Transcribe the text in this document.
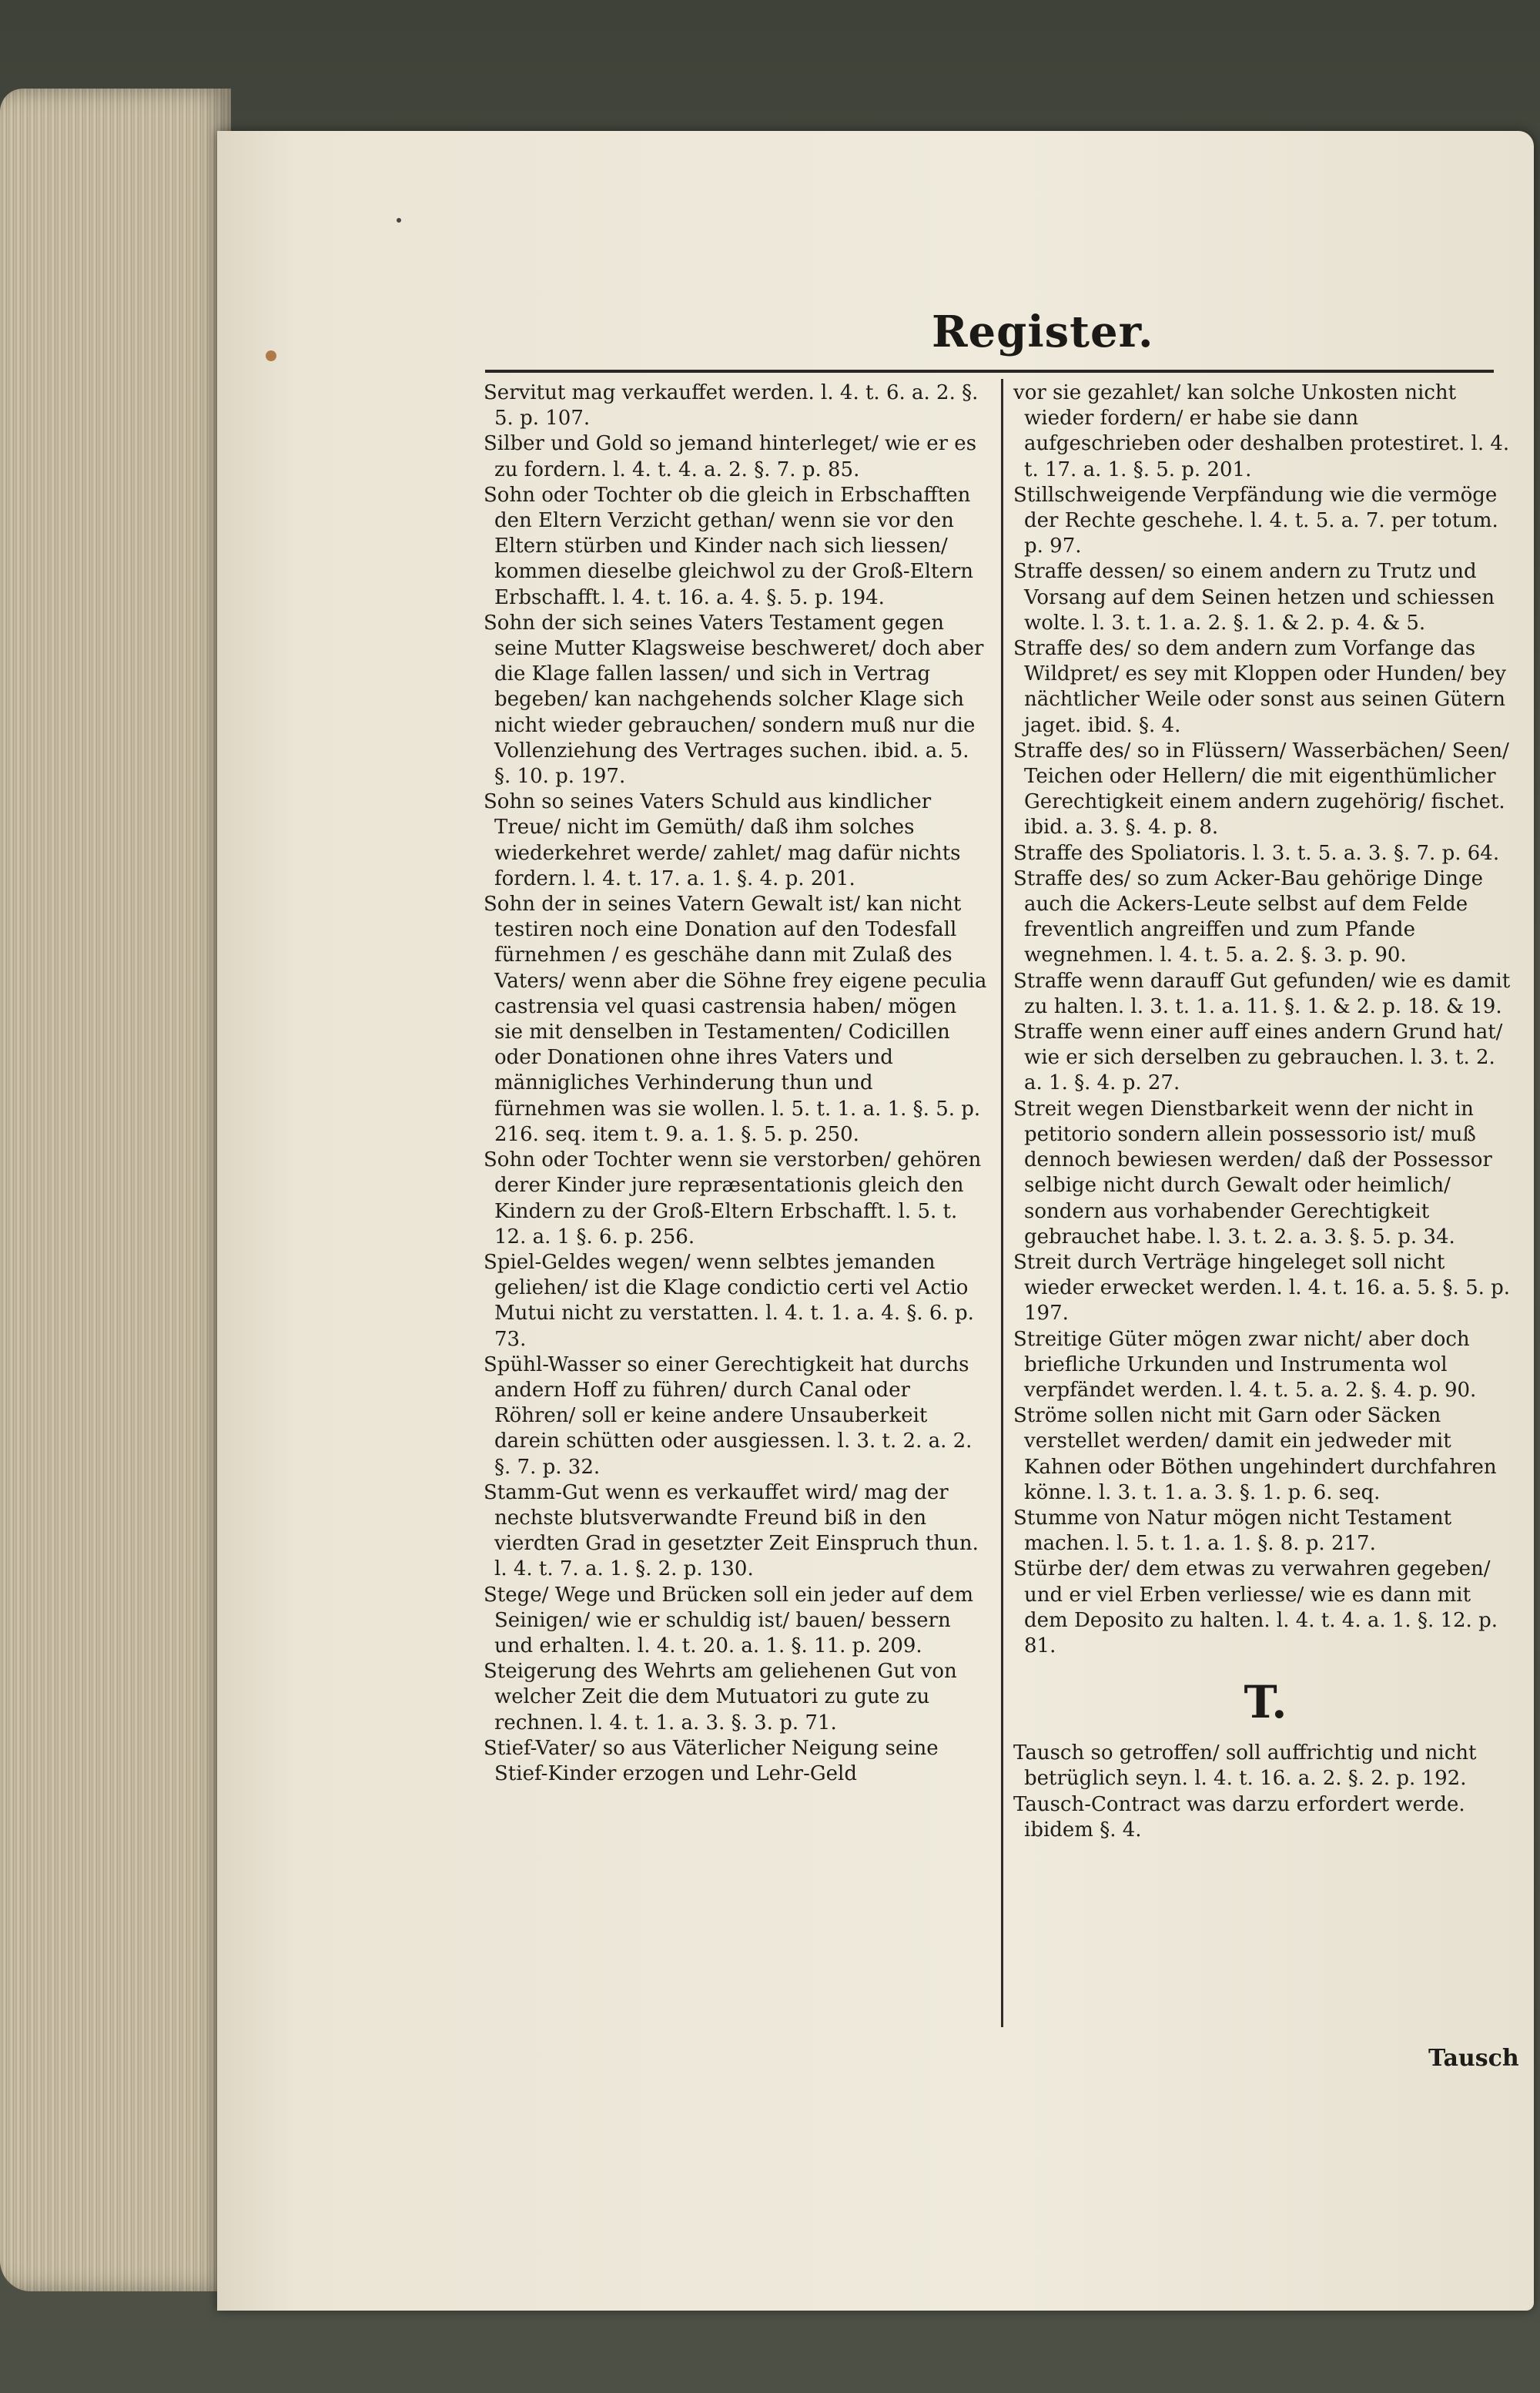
Register.

Servitut mag verkauffet werden. l. 4. t. 6. a. 2. §. 5. p. 107.

Silber und Gold so jemand hinterleget/ wie er es zu fordern. l. 4. t. 4. a. 2. §. 7. p. 85.

Sohn oder Tochter ob die gleich in Erbschafften den Eltern Verzicht gethan/ wenn sie vor den Eltern stürben und Kinder nach sich liessen/ kommen dieselbe gleichwol zu der Groß-Eltern Erbschafft. l. 4. t. 16. a. 4. §. 5. p. 194.

Sohn der sich seines Vaters Testament gegen seine Mutter Klagsweise beschweret/ doch aber die Klage fallen lassen/ und sich in Vertrag begeben/ kan nachgehends solcher Klage sich nicht wieder gebrauchen/ sondern muß nur die Vollenziehung des Vertrages suchen. ibid. a. 5. §. 10. p. 197.

Sohn so seines Vaters Schuld aus kindlicher Treue/ nicht im Gemüth/ daß ihm solches wiederkehret werde/ zahlet/ mag dafür nichts fordern. l. 4. t. 17. a. 1. §. 4. p. 201.

Sohn der in seines Vatern Gewalt ist/ kan nicht testiren noch eine Donation auf den Todesfall fürnehmen / es geschähe dann mit Zulaß des Vaters/ wenn aber die Söhne frey eigene peculia castrensia vel quasi castrensia haben/ mögen sie mit denselben in Testamenten/ Codicillen oder Donationen ohne ihres Vaters und männigliches Verhinderung thun und fürnehmen was sie wollen. l. 5. t. 1. a. 1. §. 5. p. 216. seq. item t. 9. a. 1. §. 5. p. 250.

Sohn oder Tochter wenn sie verstorben/ gehören derer Kinder jure repræsentationis gleich den Kindern zu der Groß-Eltern Erbschafft. l. 5. t. 12. a. 1 §. 6. p. 256.

Spiel-Geldes wegen/ wenn selbtes jemanden geliehen/ ist die Klage condictio certi vel Actio Mutui nicht zu verstatten. l. 4. t. 1. a. 4. §. 6. p. 73.

Spühl-Wasser so einer Gerechtigkeit hat durchs andern Hoff zu führen/ durch Canal oder Röhren/ soll er keine andere Unsauberkeit darein schütten oder ausgiessen. l. 3. t. 2. a. 2. §. 7. p. 32.

Stamm-Gut wenn es verkauffet wird/ mag der nechste blutsverwandte Freund biß in den vierdten Grad in gesetzter Zeit Einspruch thun. l. 4. t. 7. a. 1. §. 2. p. 130.

Stege/ Wege und Brücken soll ein jeder auf dem Seinigen/ wie er schuldig ist/ bauen/ bessern und erhalten. l. 4. t. 20. a. 1. §. 11. p. 209.

Steigerung des Wehrts am geliehenen Gut von welcher Zeit die dem Mutuatori zu gute zu rechnen. l. 4. t. 1. a. 3. §. 3. p. 71.

Stief-Vater/ so aus Väterlicher Neigung seine Stief-Kinder erzogen und Lehr-Geld

vor sie gezahlet/ kan solche Unkosten nicht wieder fordern/ er habe sie dann aufgeschrieben oder deshalben protestiret. l. 4. t. 17. a. 1. §. 5. p. 201.

Stillschweigende Verpfändung wie die vermöge der Rechte geschehe. l. 4. t. 5. a. 7. per totum. p. 97.

Straffe dessen/ so einem andern zu Trutz und Vorsang auf dem Seinen hetzen und schiessen wolte. l. 3. t. 1. a. 2. §. 1. & 2. p. 4. & 5.

Straffe des/ so dem andern zum Vorfange das Wildpret/ es sey mit Kloppen oder Hunden/ bey nächtlicher Weile oder sonst aus seinen Gütern jaget. ibid. §. 4.

Straffe des/ so in Flüssern/ Wasserbächen/ Seen/ Teichen oder Hellern/ die mit eigenthümlicher Gerechtigkeit einem andern zugehörig/ fischet. ibid. a. 3. §. 4. p. 8.

Straffe des Spoliatoris. l. 3. t. 5. a. 3. §. 7. p. 64.

Straffe des/ so zum Acker-Bau gehörige Dinge auch die Ackers-Leute selbst auf dem Felde freventlich angreiffen und zum Pfande wegnehmen. l. 4. t. 5. a. 2. §. 3. p. 90.

Straffe wenn darauff Gut gefunden/ wie es damit zu halten. l. 3. t. 1. a. 11. §. 1. & 2. p. 18. & 19.

Straffe wenn einer auff eines andern Grund hat/ wie er sich derselben zu gebrauchen. l. 3. t. 2. a. 1. §. 4. p. 27.

Streit wegen Dienstbarkeit wenn der nicht in petitorio sondern allein possessorio ist/ muß dennoch bewiesen werden/ daß der Possessor selbige nicht durch Gewalt oder heimlich/ sondern aus vorhabender Gerechtigkeit gebrauchet habe. l. 3. t. 2. a. 3. §. 5. p. 34.

Streit durch Verträge hingeleget soll nicht wieder erwecket werden. l. 4. t. 16. a. 5. §. 5. p. 197.

Streitige Güter mögen zwar nicht/ aber doch briefliche Urkunden und Instrumenta wol verpfändet werden. l. 4. t. 5. a. 2. §. 4. p. 90.

Ströme sollen nicht mit Garn oder Säcken verstellet werden/ damit ein jedweder mit Kahnen oder Böthen ungehindert durchfahren könne. l. 3. t. 1. a. 3. §. 1. p. 6. seq.

Stumme von Natur mögen nicht Testament machen. l. 5. t. 1. a. 1. §. 8. p. 217.

Stürbe der/ dem etwas zu verwahren gegeben/ und er viel Erben verliesse/ wie es dann mit dem Deposito zu halten. l. 4. t. 4. a. 1. §. 12. p. 81.

T.

Tausch so getroffen/ soll auffrichtig und nicht betrüglich seyn. l. 4. t. 16. a. 2. §. 2. p. 192.

Tausch-Contract was darzu erfordert werde. ibidem §. 4.

Tausch
